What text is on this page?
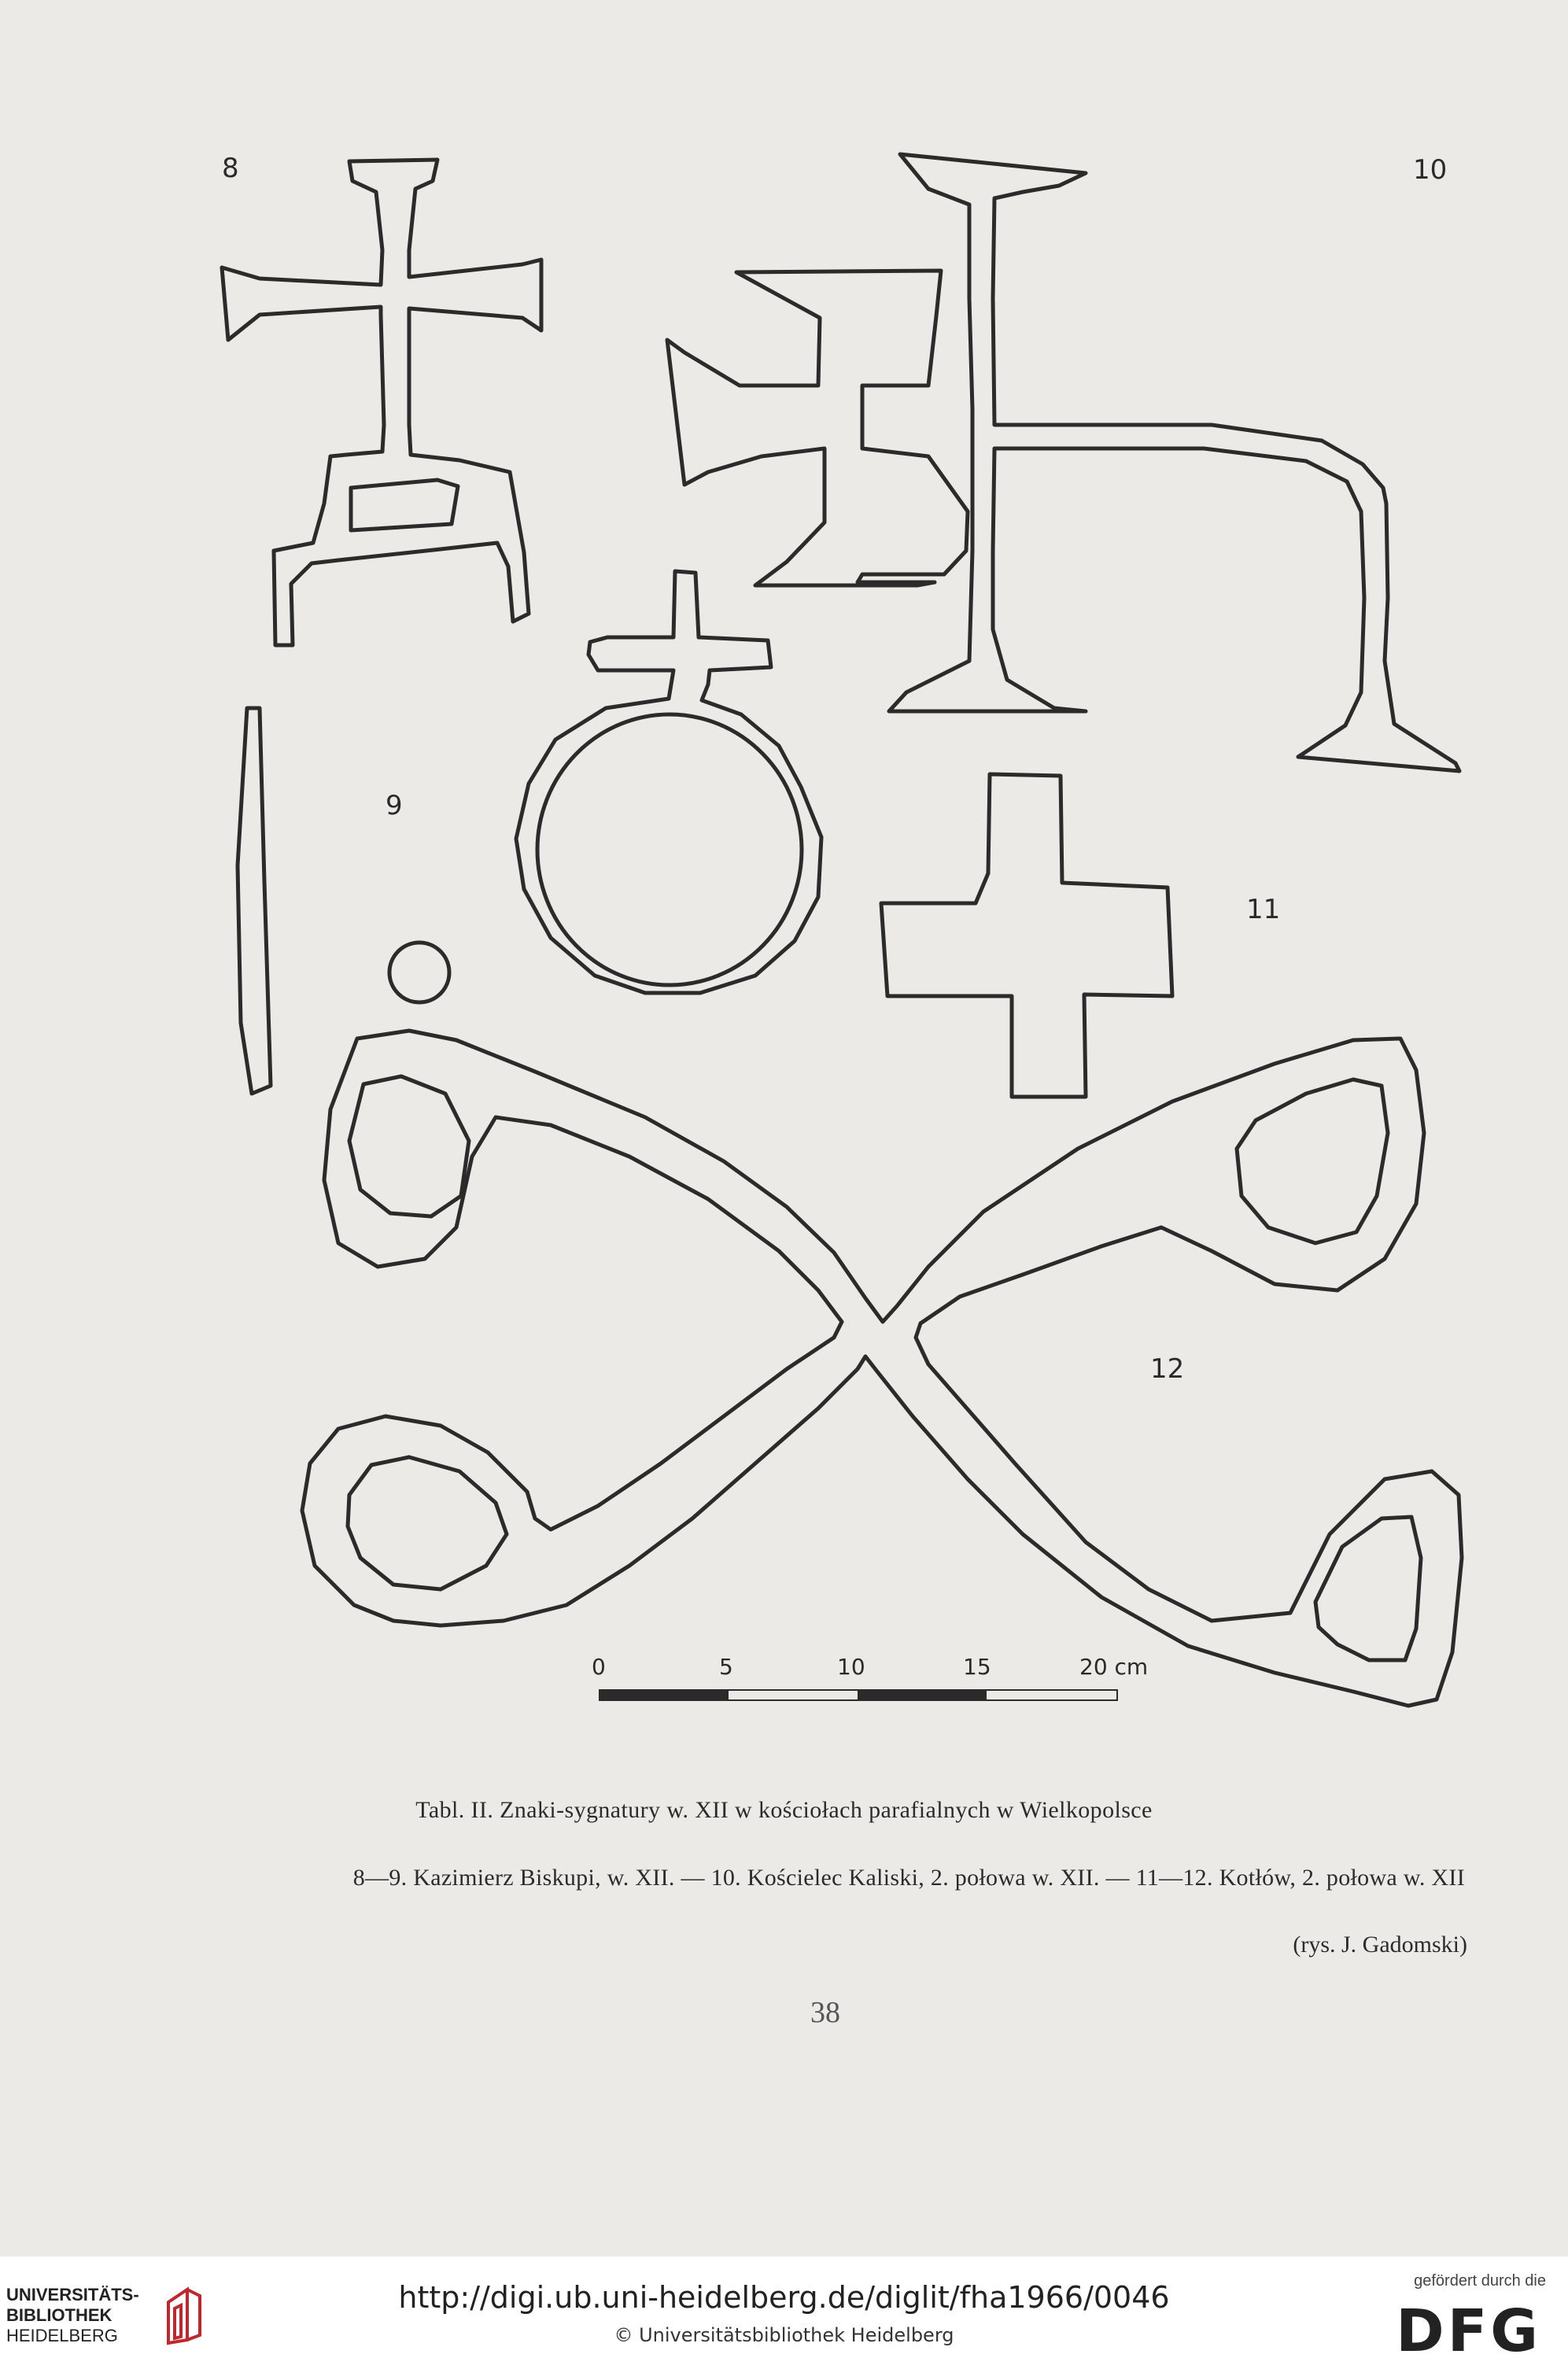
8	10
9
11
12
0	5	10	15	20 cm
Tabl. II. Znaki-sygnatury w. XII w kościołach parafialnych w Wielkopolsce
8—9. Kazimierz Biskupi, w. XII. — 10. Kościelec Kaliski, 2. połowa w. XII. — 11—12. Kotłów, 2. połowa w. XII
(rys. J. Gadomski)
38
UNIVERSITÄTS-
BIBLIOTHEK
HEIDELBERG
http://digi.ub.uni-heidelberg.de/diglit/fha1966/0046
© Universitätsbibliothek Heidelberg
gefördert durch die
DFG
